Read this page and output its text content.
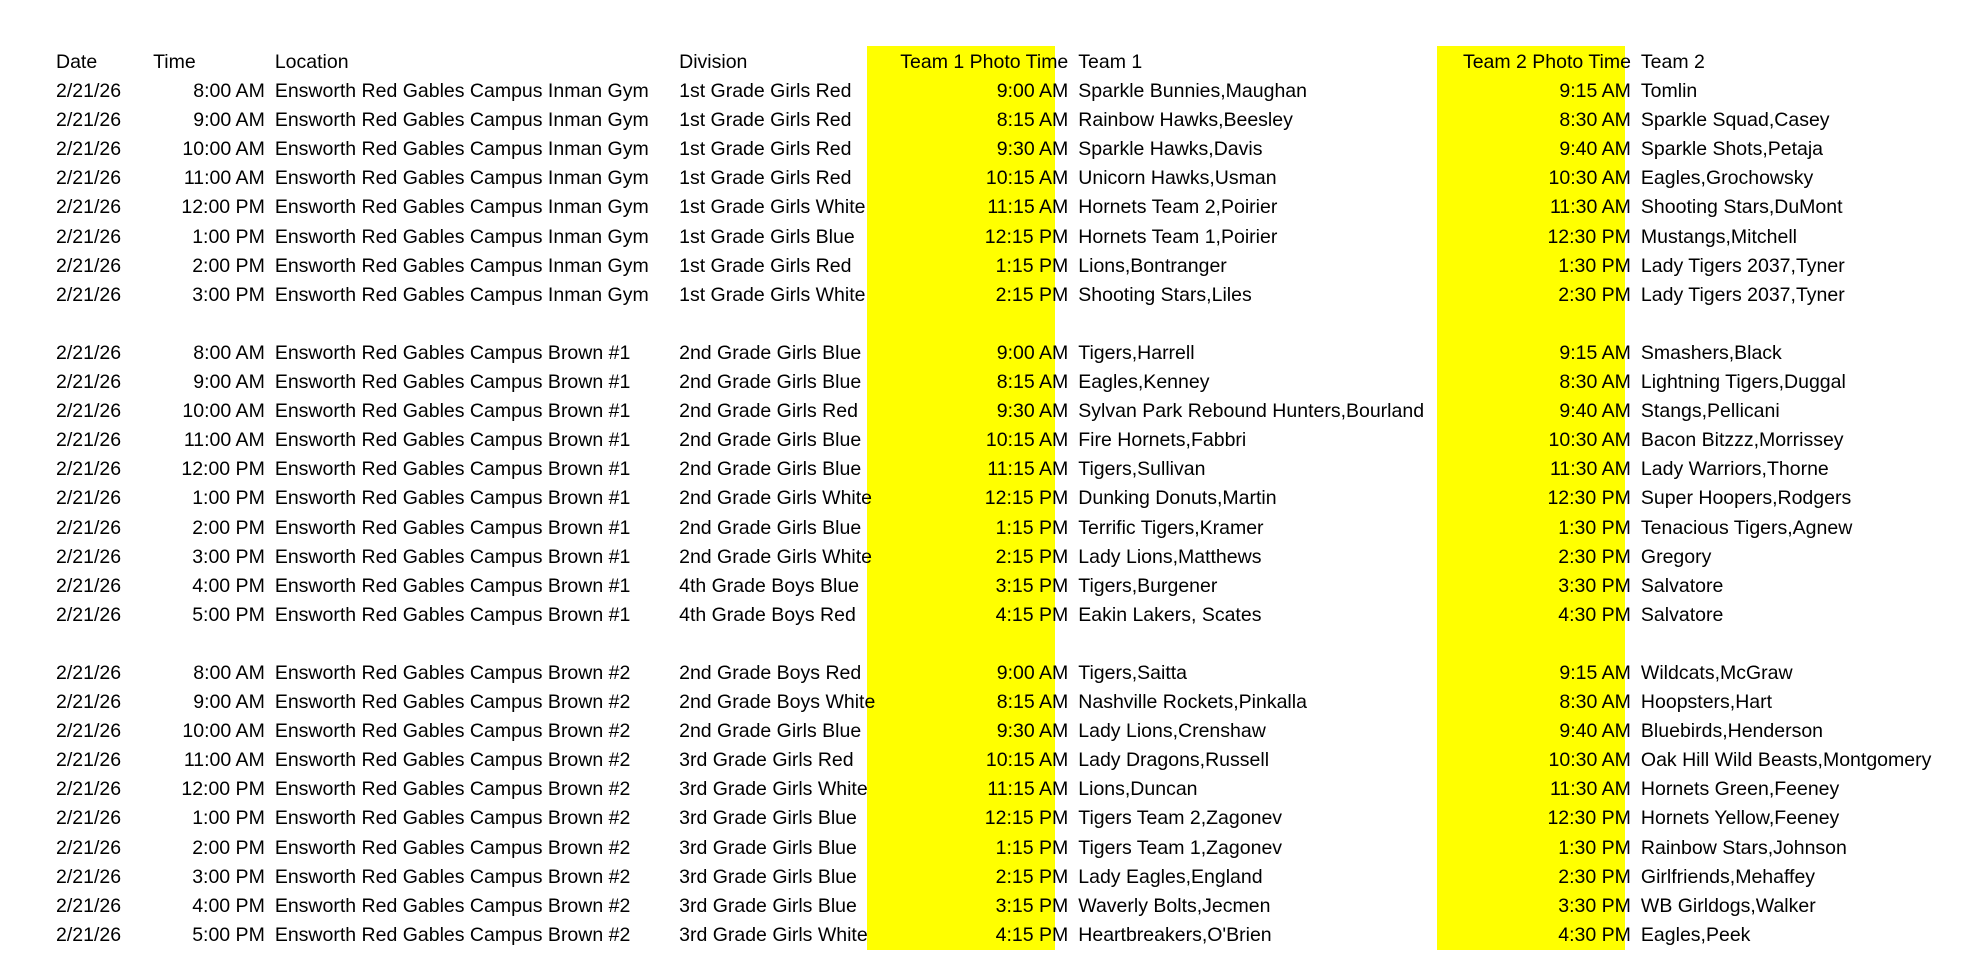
Date	Time	Location	Division	Team 1 Photo Time	Team 1	Team 2 Photo Time	Team 2
2/21/26	8:00 AM	Ensworth Red Gables Campus Inman Gym	1st Grade Girls Red	9:00 AM	Sparkle Bunnies,Maughan	9:15 AM	Tomlin
2/21/26	9:00 AM	Ensworth Red Gables Campus Inman Gym	1st Grade Girls Red	8:15 AM	Rainbow Hawks,Beesley	8:30 AM	Sparkle Squad,Casey
2/21/26	10:00 AM	Ensworth Red Gables Campus Inman Gym	1st Grade Girls Red	9:30 AM	Sparkle Hawks,Davis	9:40 AM	Sparkle Shots,Petaja
2/21/26	11:00 AM	Ensworth Red Gables Campus Inman Gym	1st Grade Girls Red	10:15 AM	Unicorn Hawks,Usman	10:30 AM	Eagles,Grochowsky
2/21/26	12:00 PM	Ensworth Red Gables Campus Inman Gym	1st Grade Girls White	11:15 AM	Hornets Team 2,Poirier	11:30 AM	Shooting Stars,DuMont
2/21/26	1:00 PM	Ensworth Red Gables Campus Inman Gym	1st Grade Girls Blue	12:15 PM	Hornets Team 1,Poirier	12:30 PM	Mustangs,Mitchell
2/21/26	2:00 PM	Ensworth Red Gables Campus Inman Gym	1st Grade Girls Red	1:15 PM	Lions,Bontranger	1:30 PM	Lady Tigers 2037,Tyner
2/21/26	3:00 PM	Ensworth Red Gables Campus Inman Gym	1st Grade Girls White	2:15 PM	Shooting Stars,Liles	2:30 PM	Lady Tigers 2037,Tyner

2/21/26	8:00 AM	Ensworth Red Gables Campus Brown #1	2nd Grade Girls Blue	9:00 AM	Tigers,Harrell	9:15 AM	Smashers,Black
2/21/26	9:00 AM	Ensworth Red Gables Campus Brown #1	2nd Grade Girls Blue	8:15 AM	Eagles,Kenney	8:30 AM	Lightning Tigers,Duggal
2/21/26	10:00 AM	Ensworth Red Gables Campus Brown #1	2nd Grade Girls Red	9:30 AM	Sylvan Park Rebound Hunters,Bourland	9:40 AM	Stangs,Pellicani
2/21/26	11:00 AM	Ensworth Red Gables Campus Brown #1	2nd Grade Girls Blue	10:15 AM	Fire Hornets,Fabbri	10:30 AM	Bacon Bitzzz,Morrissey
2/21/26	12:00 PM	Ensworth Red Gables Campus Brown #1	2nd Grade Girls Blue	11:15 AM	Tigers,Sullivan	11:30 AM	Lady Warriors,Thorne
2/21/26	1:00 PM	Ensworth Red Gables Campus Brown #1	2nd Grade Girls White	12:15 PM	Dunking Donuts,Martin	12:30 PM	Super Hoopers,Rodgers
2/21/26	2:00 PM	Ensworth Red Gables Campus Brown #1	2nd Grade Girls Blue	1:15 PM	Terrific Tigers,Kramer	1:30 PM	Tenacious Tigers,Agnew
2/21/26	3:00 PM	Ensworth Red Gables Campus Brown #1	2nd Grade Girls White	2:15 PM	Lady Lions,Matthews	2:30 PM	Gregory
2/21/26	4:00 PM	Ensworth Red Gables Campus Brown #1	4th Grade Boys Blue	3:15 PM	Tigers,Burgener	3:30 PM	Salvatore
2/21/26	5:00 PM	Ensworth Red Gables Campus Brown #1	4th Grade Boys Red	4:15 PM	Eakin Lakers, Scates	4:30 PM	Salvatore

2/21/26	8:00 AM	Ensworth Red Gables Campus Brown #2	2nd Grade Boys Red	9:00 AM	Tigers,Saitta	9:15 AM	Wildcats,McGraw
2/21/26	9:00 AM	Ensworth Red Gables Campus Brown #2	2nd Grade Boys White	8:15 AM	Nashville Rockets,Pinkalla	8:30 AM	Hoopsters,Hart
2/21/26	10:00 AM	Ensworth Red Gables Campus Brown #2	2nd Grade Girls Blue	9:30 AM	Lady Lions,Crenshaw	9:40 AM	Bluebirds,Henderson
2/21/26	11:00 AM	Ensworth Red Gables Campus Brown #2	3rd Grade Girls Red	10:15 AM	Lady Dragons,Russell	10:30 AM	Oak Hill Wild Beasts,Montgomery
2/21/26	12:00 PM	Ensworth Red Gables Campus Brown #2	3rd Grade Girls White	11:15 AM	Lions,Duncan	11:30 AM	Hornets Green,Feeney
2/21/26	1:00 PM	Ensworth Red Gables Campus Brown #2	3rd Grade Girls Blue	12:15 PM	Tigers Team 2,Zagonev	12:30 PM	Hornets Yellow,Feeney
2/21/26	2:00 PM	Ensworth Red Gables Campus Brown #2	3rd Grade Girls Blue	1:15 PM	Tigers Team 1,Zagonev	1:30 PM	Rainbow Stars,Johnson
2/21/26	3:00 PM	Ensworth Red Gables Campus Brown #2	3rd Grade Girls Blue	2:15 PM	Lady Eagles,England	2:30 PM	Girlfriends,Mehaffey
2/21/26	4:00 PM	Ensworth Red Gables Campus Brown #2	3rd Grade Girls Blue	3:15 PM	Waverly Bolts,Jecmen	3:30 PM	WB Girldogs,Walker
2/21/26	5:00 PM	Ensworth Red Gables Campus Brown #2	3rd Grade Girls White	4:15 PM	Heartbreakers,O'Brien	4:30 PM	Eagles,Peek
